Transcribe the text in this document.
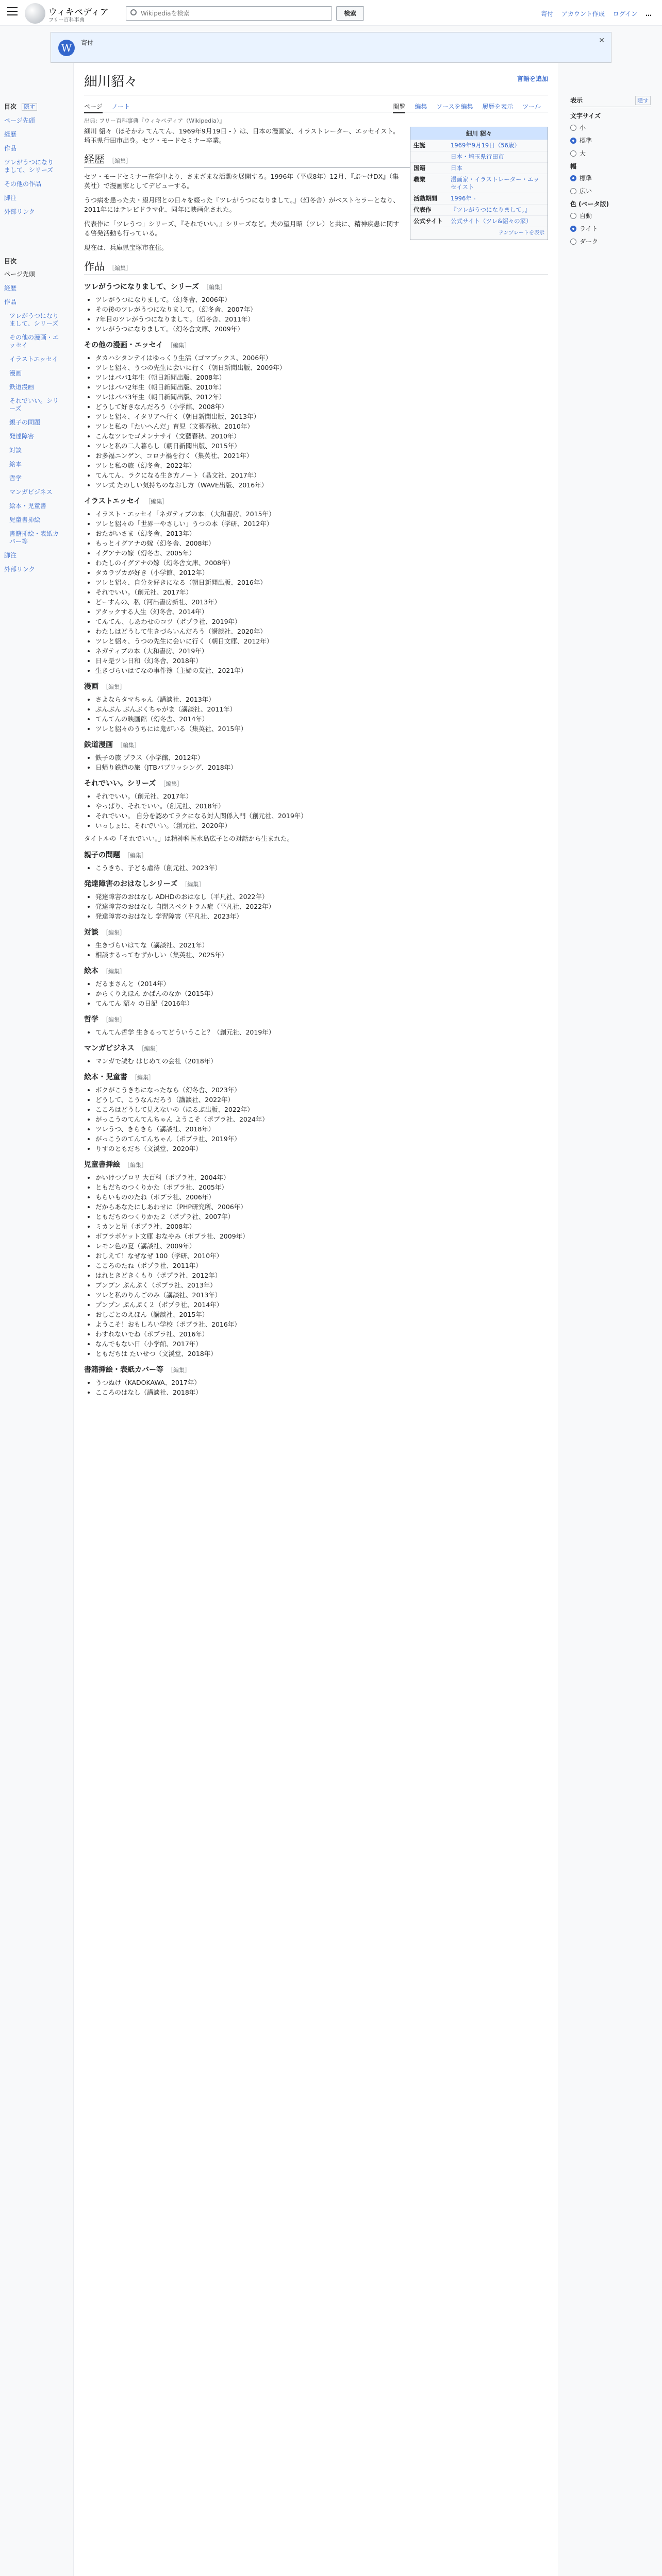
ウィキペディア
フリー百科事典
Wikipediaを検索
検索	寄付 アカウント作成 ログイン …
W	寄付	✕
目次 隠す
ページ先頭
経歴
作品
ツレがうつになりまして、シリーズ
その他の作品
脚注
外部リンク
目次
ページ先頭
経歴
作品
ツレがうつになりまして、シリーズ
その他の漫画・エッセイ
イラストエッセイ
漫画
鉄道漫画
それでいい。シリーズ
親子の問題
発達障害
対談
絵本
哲学
マンガビジネス
絵本・児童書
児童書挿絵
書籍挿絵・表紙カバー等
脚注
外部リンク
隠す
表示
文字サイズ
小
標準
大
幅
標準
広い
色 (ベータ版)
自動
ライト
ダーク
細川貂々	言語を追加
ページ ノート	閲覧 編集 ソースを編集 履歴を表示 ツール
出典: フリー百科事典『ウィキペディア（Wikipedia）』
細川 貂々
生誕	1969年9月19日（56歳）
日本・埼玉県行田市
国籍	日本
職業	漫画家・イラストレーター・エッセイスト
活動期間	1996年 -
代表作	『ツレがうつになりまして。』
公式サイト	公式サイト（ツレ&貂々の家）
テンプレートを表示

細川 貂々（ほそかわ てんてん、1969年9月19日 - ）は、日本の漫画家、イラストレーター、エッセイスト。埼玉県行田市出身。セツ・モードセミナー卒業。

経歴 ［編集］

セツ・モードセミナー在学中より、さまざまな活動を展開する。1996年（平成8年）12月、『ぶ〜けDX』（集英社）で漫画家としてデビューする。

うつ病を患った夫・望月昭との日々を綴った『ツレがうつになりまして。』（幻冬舎）がベストセラーとなり、2011年にはテレビドラマ化、同年に映画化された。

代表作に「ツレうつ」シリーズ、『それでいい。』シリーズなど。夫の望月昭（ツレ）と共に、精神疾患に関する啓発活動も行っている。

現在は、兵庫県宝塚市在住。

作品 ［編集］
ツレがうつになりまして、シリーズ ［編集］
• ツレがうつになりまして。（幻冬舎、2006年）
• その後のツレがうつになりまして。（幻冬舎、2007年）
• 7年目のツレがうつになりまして。（幻冬舎、2011年）
• ツレがうつになりまして。（幻冬舎文庫、2009年）
その他の漫画・エッセイ ［編集］
• タカハシタンテイはゆっくり生活（ゴマブックス、2006年）
• ツレと貂々、うつの先生に会いに行く（朝日新聞出版、2009年）
• ツレはパパ1年生（朝日新聞出版、2008年）
• ツレはパパ2年生（朝日新聞出版、2010年）
• ツレはパパ3年生（朝日新聞出版、2012年）
• どうして好きなんだろう（小学館、2008年）
• ツレと貂々、イタリアへ行く（朝日新聞出版、2013年）
• ツレと私の「たいへんだ」育児（文藝春秋、2010年）
• こんなツレでゴメンナサイ（文藝春秋、2010年）
• ツレと私の二人暮らし（朝日新聞出版、2015年）
• お多福ニンゲン、コロナ禍を行く（集英社、2021年）
• ツレと私の旅（幻冬舎、2022年）
• てんてん、ラクになる生き方ノート（晶文社、2017年）
• ツレ式 たのしい気持ちのなおし方（WAVE出版、2016年）
イラストエッセイ ［編集］
• イラスト・エッセイ「ネガティブの本」（大和書房、2015年）
• ツレと貂々の「世界一やさしい」うつの本（学研、2012年）
• おたがいさま（幻冬舎、2013年）
• もっとイグアナの嫁（幻冬舎、2008年）
• イグアナの嫁（幻冬舎、2005年）
• わたしのイグアナの嫁（幻冬舎文庫、2008年）
• タカラヅカが好き（小学館、2012年）
• ツレと貂々、自分を好きになる（朝日新聞出版、2016年）
• それでいい。（創元社、2017年）
• どーすんの、私（河出書房新社、2013年）
• アタックする人生（幻冬舎、2014年）
• てんてん、しあわせのコツ（ポプラ社、2019年）
• わたしはどうして生きづらいんだろう（講談社、2020年）
• ツレと貂々、うつの先生に会いに行く（朝日文庫、2012年）
• ネガティブの本（大和書房、2019年）
• 日々是ツレ日和（幻冬舎、2018年）
• 生きづらいはてなの事件簿（主婦の友社、2021年）
漫画 ［編集］
• さよならタマちゃん（講談社、2013年）
• ぶんぶん ぶんぶくちゃがま（講談社、2011年）
• てんてんの映画館（幻冬舎、2014年）
• ツレと貂々のうちには鬼がいる（集英社、2015年）
鉄道漫画 ［編集］
• 鉄子の旅 プラス（小学館、2012年）
• 日帰り鉄道の旅（JTBパブリッシング、2018年）
それでいい。シリーズ ［編集］
• それでいい。（創元社、2017年）
• やっぱり、それでいい。（創元社、2018年）
• それでいい。 自分を認めてラクになる対人関係入門（創元社、2019年）
• いっしょに、それでいい。（創元社、2020年）

タイトルの「それでいい。」は精神科医水島広子との対話から生まれた。

親子の問題 ［編集］
• こうきち、子ども虐待（創元社、2023年）
発達障害のおはなしシリーズ ［編集］
• 発達障害のおはなし ADHDのおはなし（平凡社、2022年）
• 発達障害のおはなし 自閉スペクトラム症（平凡社、2022年）
• 発達障害のおはなし 学習障害（平凡社、2023年）
対談 ［編集］
• 生きづらいはてな（講談社、2021年）
• 相談するってむずかしい（集英社、2025年）
絵本 ［編集］
• だるまさんと（2014年）
• からくりえほん かばんのなか（2015年）
• てんてん 貂々 の日記（2016年）
哲学 ［編集］
• てんてん哲学 生きるってどういうこと？（創元社、2019年）
マンガビジネス ［編集］
• マンガで読む はじめての会社（2018年）
絵本・児童書 ［編集］
• ボクがこうきちになったなら（幻冬舎、2023年）
• どうして、こうなんだろう（講談社、2022年）
• こころはどうして見えないの（ほるぷ出版、2022年）
• がっこうのてんてんちゃん ようこそ（ポプラ社、2024年）
• ツレうつ、きらきら（講談社、2018年）
• がっこうのてんてんちゃん（ポプラ社、2019年）
• りすのともだち（文溪堂、2020年）
児童書挿絵 ［編集］
• かいけつゾロリ 大百科（ポプラ社、2004年）
• ともだちのつくりかた（ポプラ社、2005年）
• もらいもののたね（ポプラ社、2006年）
• だからあなたにしあわせに（PHP研究所、2006年）
• ともだちのつくりかた２（ポプラ社、2007年）
• ミカンと星（ポプラ社、2008年）
• ポプラポケット文庫 おなやみ（ポプラ社、2009年）
• レモン色の夏（講談社、2009年）
• おしえて！なぜなぜ 100（学研、2010年）
• こころのたね（ポプラ社、2011年）
• はれときどきくもり（ポプラ社、2012年）
• プンプン ぷんぷく（ポプラ社、2013年）
• ツレと私のりんごのみ（講談社、2013年）
• プンプン ぷんぷく２（ポプラ社、2014年）
• おしごとのえほん（講談社、2015年）
• ようこそ！おもしろい学校（ポプラ社、2016年）
• わすれないでね（ポプラ社、2016年）
• なんでもない日（小学館、2017年）
• ともだちは たいせつ（文溪堂、2018年）
書籍挿絵・表紙カバー等 ［編集］
• うつぬけ（KADOKAWA、2017年）
• こころのはなし（講談社、2018年）
